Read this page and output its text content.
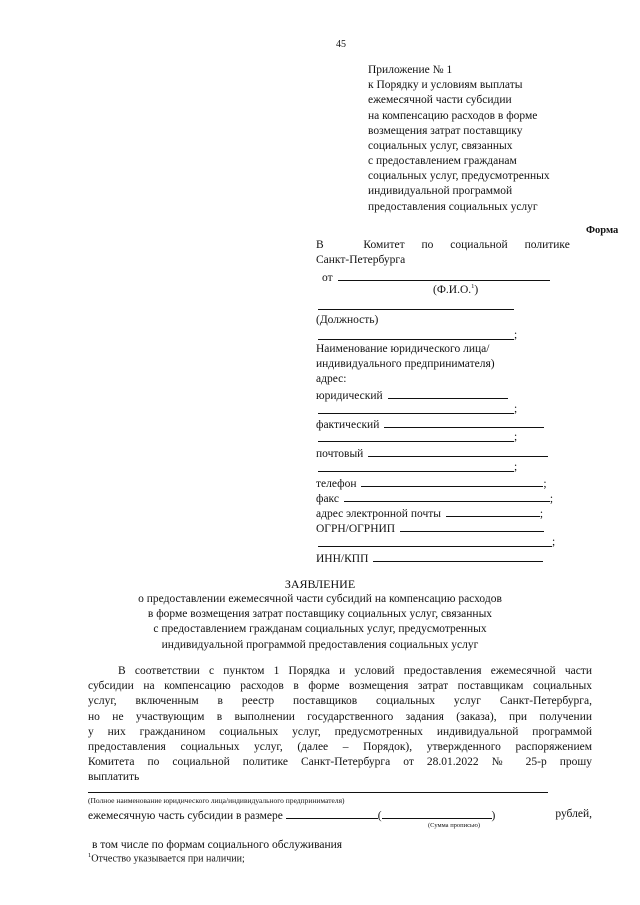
45
Приложение № 1
к Порядку и условиям выплаты
ежемесячной части субсидии
на компенсацию расходов в форме
возмещения затрат поставщику
социальных услуг, связанных
с предоставлением гражданам
социальных услуг, предусмотренных
индивидуальной программой
предоставления социальных услуг
Форма
В	Комитет по социальной политике
Санкт-Петербурга
от
(Ф.И.О.$^1$)
(Должность)
;
Наименование юридического лица/
индивидуального предпринимателя)
адрес:
юридический
;
фактический
;
почтовый
;
телефон	;
факс	;
адрес электронной почты	;
ОГРН/ОГРНИП
;
ИНН/КПП
ЗАЯВЛЕНИЕ
о предоставлении ежемесячной части субсидий на компенсацию расходов
в форме возмещения затрат поставщику социальных услуг, связанных
с предоставлением гражданам социальных услуг, предусмотренных
индивидуальной программой предоставления социальных услуг
В соответствии с пунктом 1 Порядка и условий предоставления ежемесячной части
субсидии на компенсацию расходов в форме возмещения затрат поставщикам социальных
услуг, включенным в реестр поставщиков социальных услуг Санкт-Петербурга,
но не участвующим в выполнении государственного задания (заказа), при получении
у них гражданином социальных услуг, предусмотренных индивидуальной программой
предоставления социальных услуг, (далее – Порядок), утвержденного распоряжением
Комитета по социальной политике Санкт-Петербурга от 28.01.2022 № 25-р прошу
выплатить
(Полное наименование юридического лица/индивидуального предпринимателя)
ежемесячную часть субсидии в размере	(	)	рублей,
(Сумма прописью)
в том числе по формам социального обслуживания
$^1$Отчество указывается при наличии;
